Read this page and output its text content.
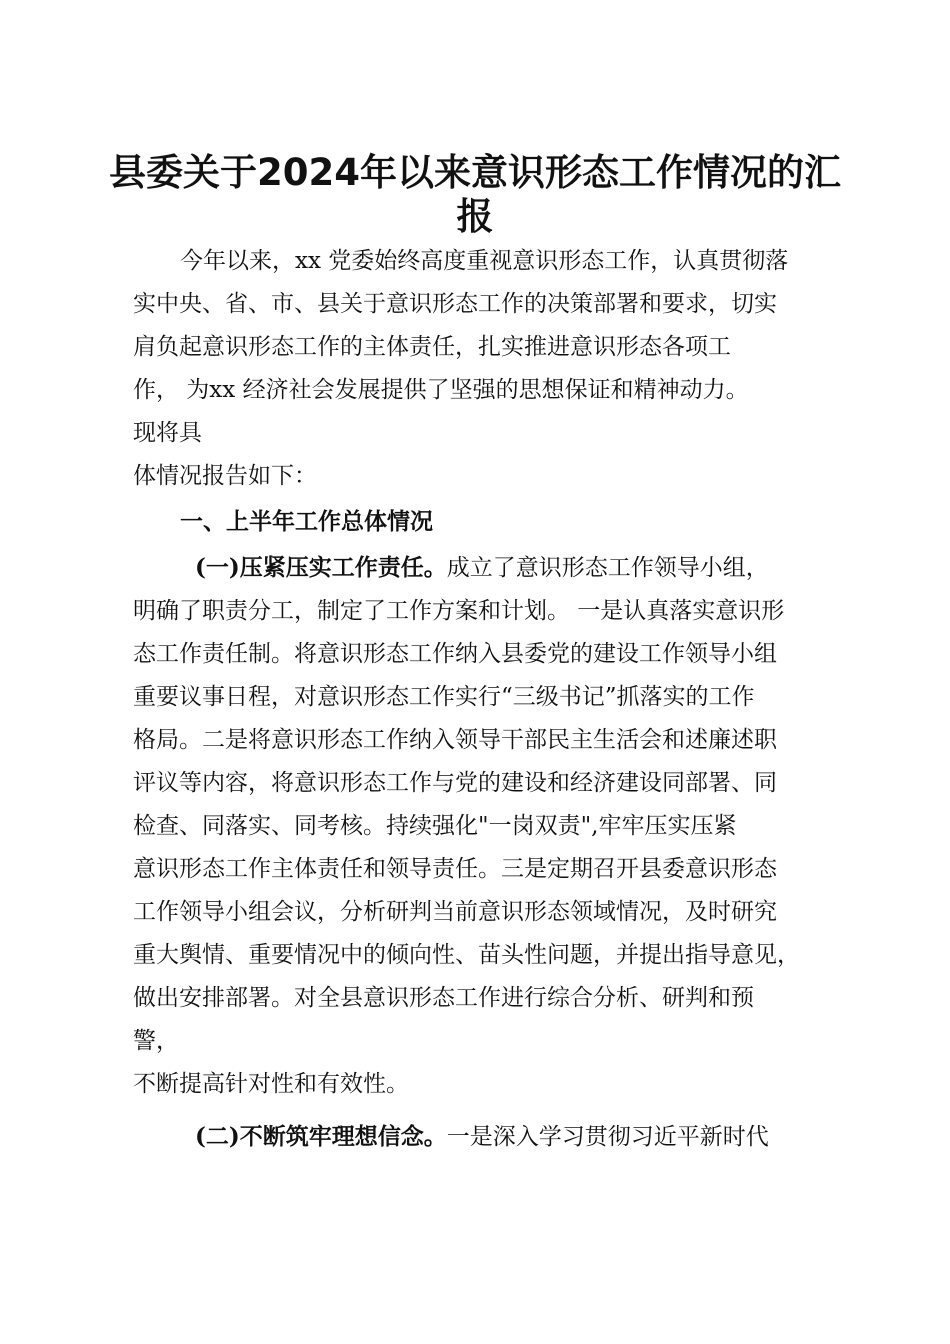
县委关于2024年以来意识形态工作情况的汇
报
今年以来，xx 党委始终高度重视意识形态工作，认真贯彻落
实中央、省、市、县关于意识形态工作的决策部署和要求，切实
肩负起意识形态工作的主体责任，扎实推进意识形态各项工
作， 为xx 经济社会发展提供了坚强的思想保证和精神动力。
现将具
体情况报告如下：
一、上半年工作总体情况
(一)压紧压实工作责任。成立了意识形态工作领导小组，
明确了职责分工，制定了工作方案和计划。 一是认真落实意识形
态工作责任制。将意识形态工作纳入县委党的建设工作领导小组
重要议事日程，对意识形态工作实行“三级书记”抓落实的工作
格局。二是将意识形态工作纳入领导干部民主生活会和述廉述职
评议等内容，将意识形态工作与党的建设和经济建设同部署、同
检查、同落实、同考核。持续强化"一岗双责",牢牢压实压紧
意识形态工作主体责任和领导责任。三是定期召开县委意识形态
工作领导小组会议，分析研判当前意识形态领域情况，及时研究
重大舆情、重要情况中的倾向性、苗头性问题，并提出指导意见，
做出安排部署。对全县意识形态工作进行综合分析、研判和预
警，
不断提高针对性和有效性。
(二)不断筑牢理想信念。一是深入学习贯彻习近平新时代
